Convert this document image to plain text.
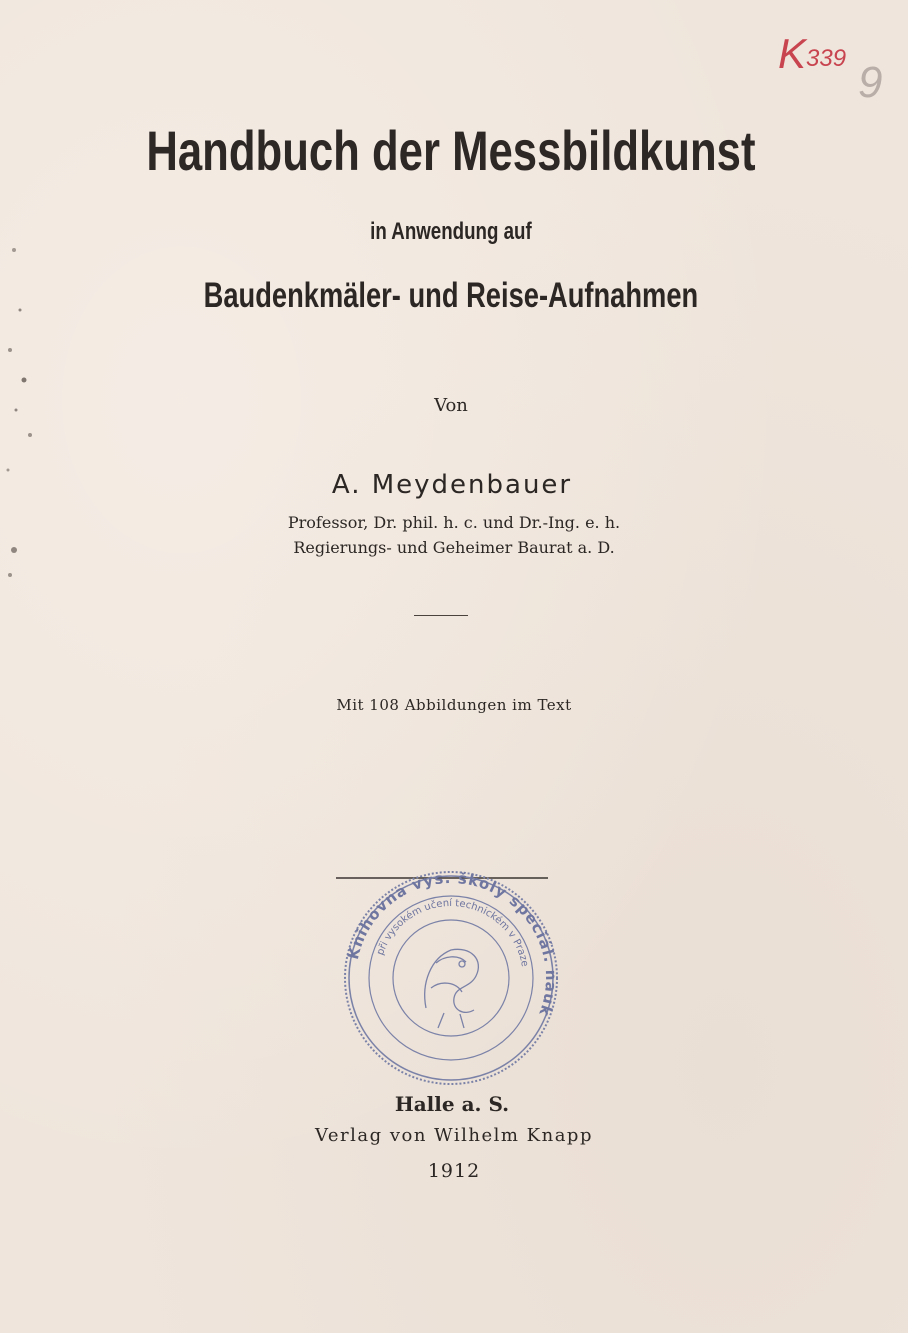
K339 9
Handbuch der Messbildkunst
in Anwendung auf
Baudenkmäler- und Reise-Aufnahmen
Von
A. Meydenbauer
Professor, Dr. phil. h. c. und Dr.-Ing. e. h.
Regierungs- und Geheimer Baurat a. D.
Mit 108 Abbildungen im Text
Knihovna vys. školy speciál. nauk
při vysokém učení technickém v Praze
Halle a. S.
Verlag von Wilhelm Knapp
1912
